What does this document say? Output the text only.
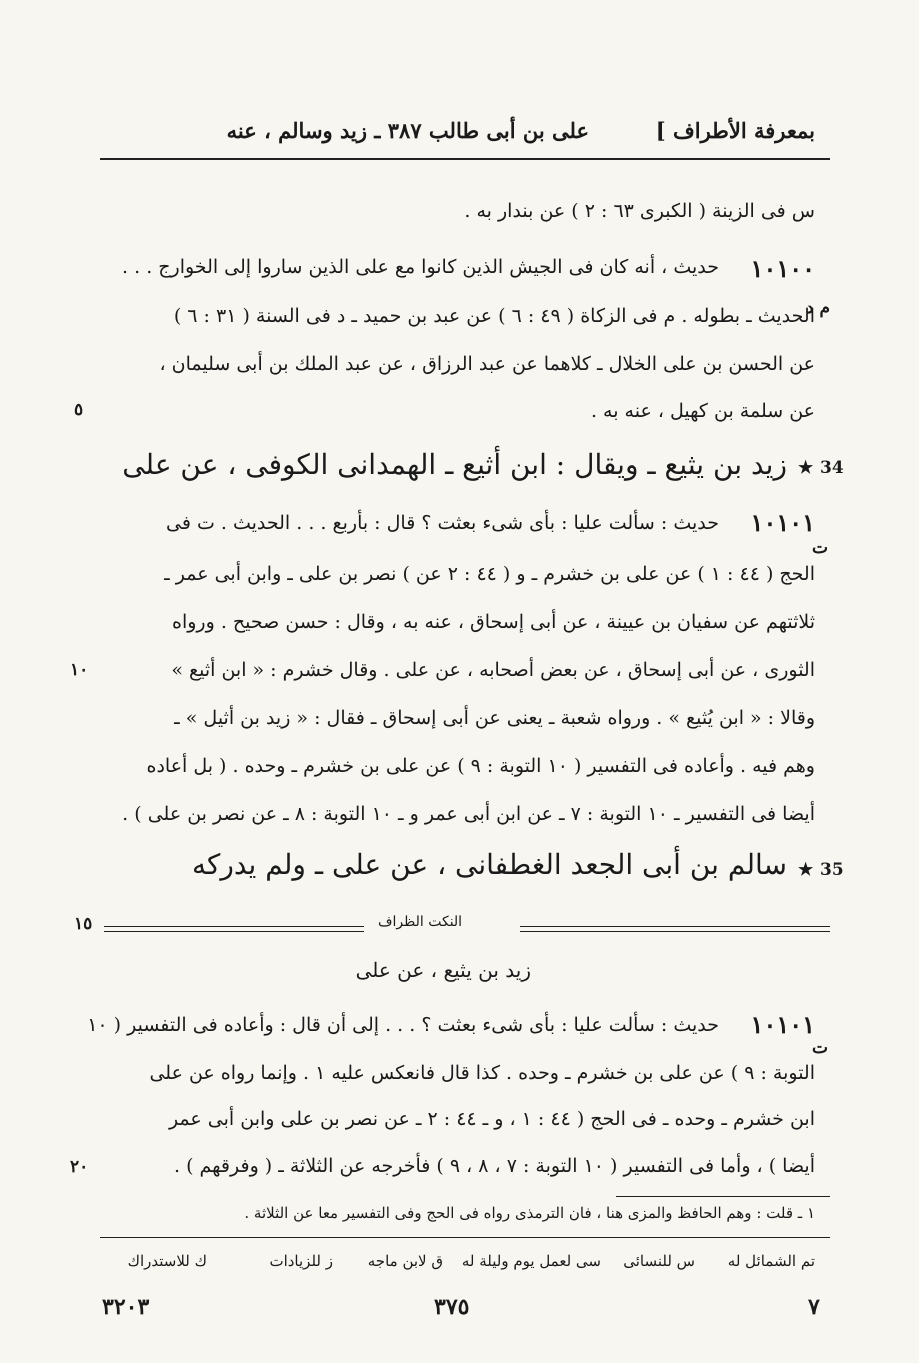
بمعرفة الأطراف ]
على بن أبى طالب ٣٨٧ ـ زيد وسالم ، عنه
س فى الزينة ( الكبرى ٦٣ : ٢ ) عن بندار به .
١٠١٠٠
حديث ، أنه كان فى الجيش الذين كانوا مع على الذين ساروا إلى الخوارج . . .
م د
الحديث ـ بطوله . م فى الزكاة ( ٤٩ : ٦ ) عن عبد بن حميد ـ د فى السنة ( ٣١ : ٦ )
عن الحسن بن على الخلال ـ كلاهما عن عبد الرزاق ، عن عبد الملك بن أبى سليمان ،
عن سلمة بن كهيل ، عنه به .
٥
34
★
زيد بن يثيع ـ ويقال : ابن أثيع ـ الهمدانى الكوفى ، عن على
١٠١٠١
ت
حديث : سألت عليا : بأى شىء بعثت ؟ قال : بأربع . . . الحديث . ت فى
الحج ( ٤٤ : ١ ) عن على بن خشرم ـ و ( ٤٤ : ٢ عن ) نصر بن على ـ وابن أبى عمر ـ
ثلاثتهم عن سفيان بن عيينة ، عن أبى إسحاق ، عنه به ، وقال : حسن صحيح . ورواه
الثورى ، عن أبى إسحاق ، عن بعض أصحابه ، عن على . وقال خشرم : « ابن أثيع »
١٠
وقالا : « ابن يُثيع » . ورواه شعبة ـ يعنى عن أبى إسحاق ـ فقال : « زيد بن أثيل » ـ
وهم فيه . وأعاده فى التفسير ( ١٠ التوبة : ٩ ) عن على بن خشرم ـ وحده . ( بل أعاده
أيضا فى التفسير ـ ١٠ التوبة : ٧ ـ عن ابن أبى عمر و ـ ١٠ التوبة : ٨ ـ عن نصر بن على ) .
35
★
سالم بن أبى الجعد الغطفانى ، عن على ـ ولم يدركه
النكت الظراف
١٥
زيد بن يثيع ، عن على
١٠١٠١
ت
حديث : سألت عليا : بأى شىء بعثت ؟ . . . إلى أن قال : وأعاده فى التفسير ( ١٠
التوبة : ٩ ) عن على بن خشرم ـ وحده . كذا قال فانعكس عليه ١ . وإنما رواه عن على
ابن خشرم ـ وحده ـ فى الحج ( ٤٤ : ١ ، و ـ ٤٤ : ٢ ـ عن نصر بن على وابن أبى عمر
أيضا ) ، وأما فى التفسير ( ١٠ التوبة : ٧ ، ٨ ، ٩ ) فأخرجه عن الثلاثة ـ ( وفرقهم ) .
٢٠
١ ـ قلت : وهم الحافظ والمزى هنا ، فان الترمذى رواه فى الحج وفى التفسير معا عن الثلاثة .
تم الشمائل له
س للنسائى
سى لعمل يوم وليلة له
ق لابن ماجه
ز للزيادات
ك للاستدراك
٧
٣٧٥
٣٢٠٣
